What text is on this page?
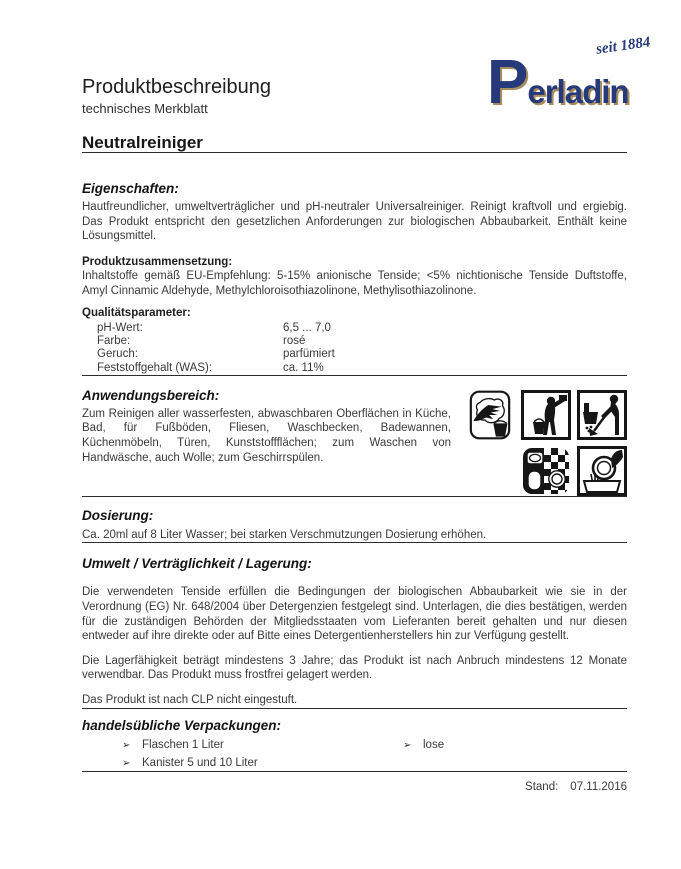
seit 1884
Perladin
Produktbeschreibung
technisches Merkblatt
Neutralreiniger
Eigenschaften:

Hautfreundlicher, umweltverträglicher und pH-neutraler Universalreiniger. Reinigt kraftvoll und ergiebig. Das Produkt entspricht den gesetzlichen Anforderungen zur biologischen Abbaubarkeit. Enthält keine Lösungsmittel.

Produktzusammensetzung:

Inhaltstoffe gemäß EU-Empfehlung: 5-15% anionische Tenside; <5% nichtionische Tenside Duftstoffe, Amyl Cinnamic Aldehyde, Methylchloroisothiazolinone, Methylisothiazolinone.

Qualitätsparameter:
pH-Wert:	6,5 ... 7,0
Farbe:	rosé
Geruch:	parfümiert
Feststoffgehalt (WAS):	ca. 11%
Anwendungsbereich:

Zum Reinigen aller wasserfesten, abwaschbaren Oberflächen in Küche, Bad, für Fußböden, Fliesen, Waschbecken, Badewannen, Küchenmöbeln, Türen, Kunststoffflächen; zum Waschen von Handwäsche, auch Wolle; zum Geschirrspülen.

Dosierung:

Ca. 20ml auf 8 Liter Wasser; bei starken Verschmutzungen Dosierung erhöhen.

Umwelt / Verträglichkeit / Lagerung:

Die verwendeten Tenside erfüllen die Bedingungen der biologischen Abbaubarkeit wie sie in der Verordnung (EG) Nr. 648/2004 über Detergenzien festgelegt sind. Unterlagen, die dies bestätigen, werden für die zuständigen Behörden der Mitgliedsstaaten vom Lieferanten bereit gehalten und nur diesen entweder auf ihre direkte oder auf Bitte eines Detergentienherstellers hin zur Verfügung gestellt.

Die Lagerfähigkeit beträgt mindestens 3 Jahre; das Produkt ist nach Anbruch mindestens 12 Monate verwendbar. Das Produkt muss frostfrei gelagert werden.

Das Produkt ist nach CLP nicht eingestuft.

handelsübliche Verpackungen:
➢	Flaschen 1 Liter
➢	Kanister 5 und 10 Liter
➢	lose
Stand: 07.11.2016
